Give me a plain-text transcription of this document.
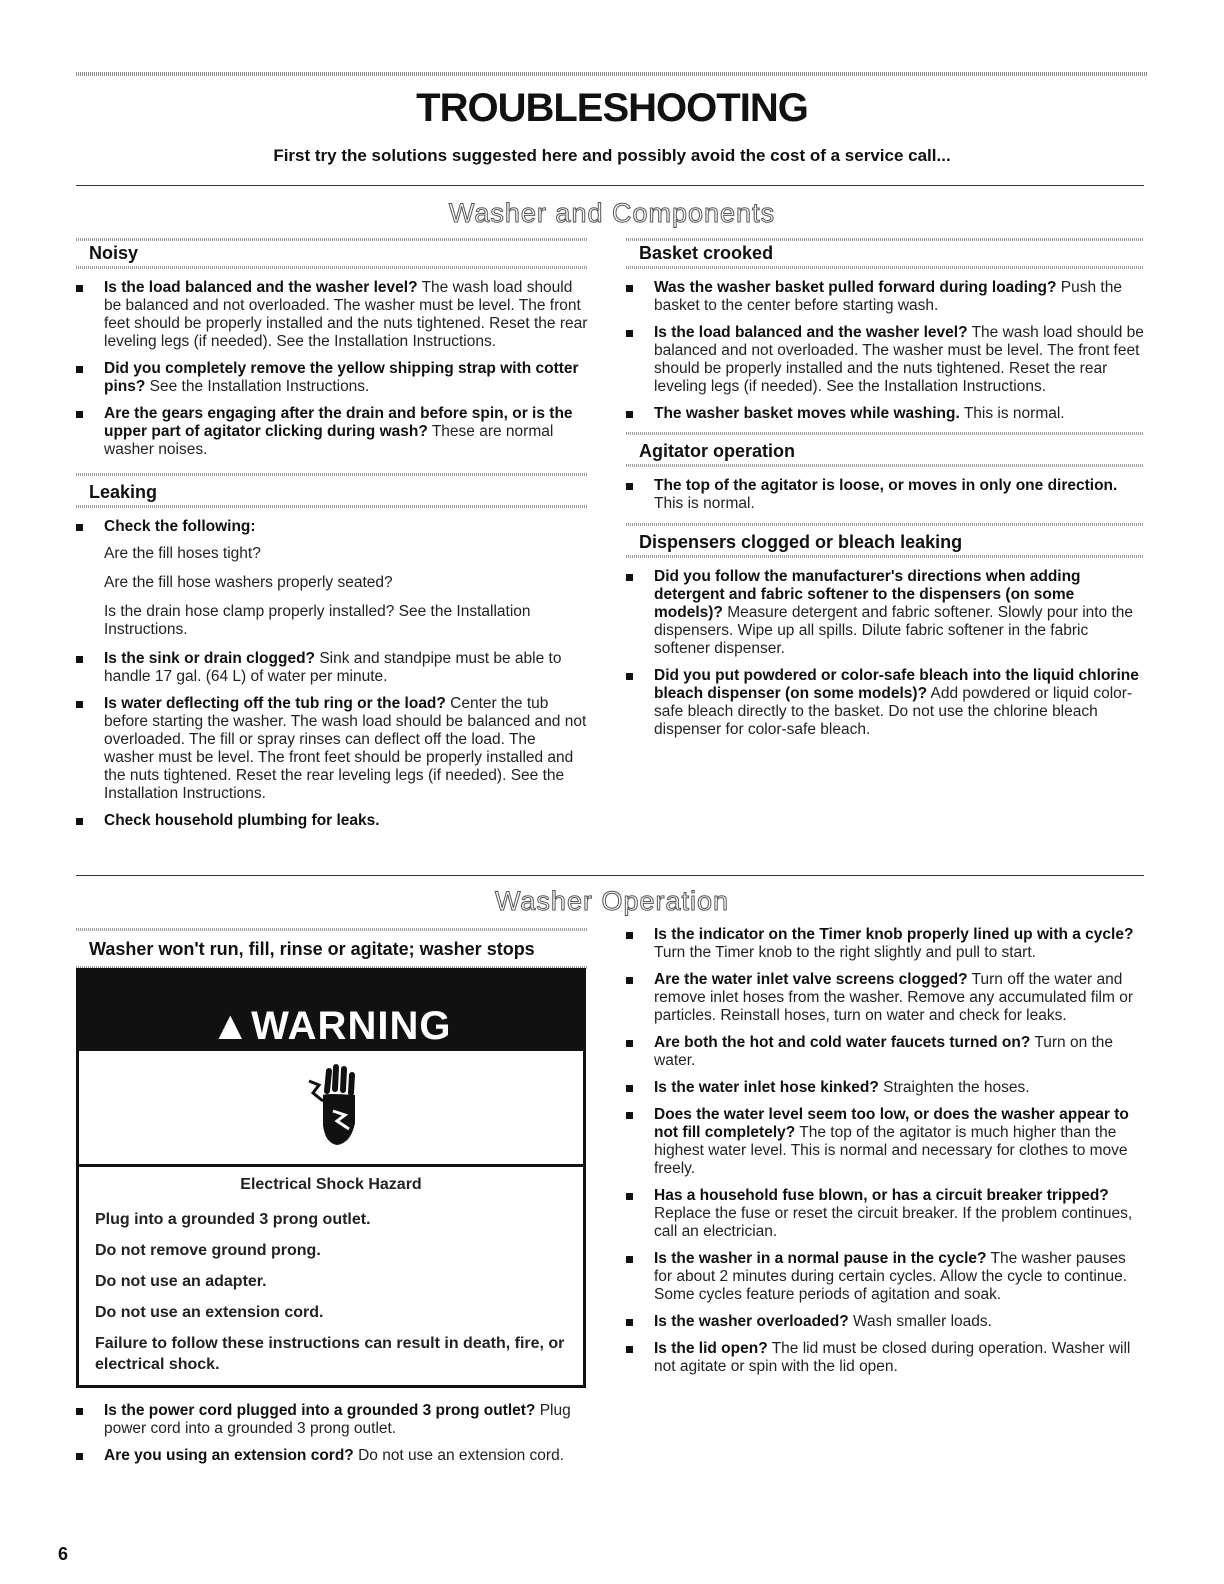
TROUBLESHOOTING
First try the solutions suggested here and possibly avoid the cost of a service call...
Washer and Components
Noisy
Is the load balanced and the washer level? The wash load should be balanced and not overloaded. The washer must be level. The front feet should be properly installed and the nuts tightened. Reset the rear leveling legs (if needed). See the Installation Instructions.
Did you completely remove the yellow shipping strap with cotter pins? See the Installation Instructions.
Are the gears engaging after the drain and before spin, or is the upper part of agitator clicking during wash? These are normal washer noises.
Leaking
Check the following:
Are the fill hoses tight?
Are the fill hose washers properly seated?
Is the drain hose clamp properly installed? See the Installation Instructions.
Is the sink or drain clogged? Sink and standpipe must be able to handle 17 gal. (64 L) of water per minute.
Is water deflecting off the tub ring or the load? Center the tub before starting the washer. The wash load should be balanced and not overloaded. The fill or spray rinses can deflect off the load. The washer must be level. The front feet should be properly installed and the nuts tightened. Reset the rear leveling legs (if needed). See the Installation Instructions.
Check household plumbing for leaks.
Basket crooked
Was the washer basket pulled forward during loading? Push the basket to the center before starting wash.
Is the load balanced and the washer level? The wash load should be balanced and not overloaded. The washer must be level. The front feet should be properly installed and the nuts tightened. Reset the rear leveling legs (if needed). See the Installation Instructions.
The washer basket moves while washing. This is normal.
Agitator operation
The top of the agitator is loose, or moves in only one direction. This is normal.
Dispensers clogged or bleach leaking
Did you follow the manufacturer's directions when adding detergent and fabric softener to the dispensers (on some models)? Measure detergent and fabric softener. Slowly pour into the dispensers. Wipe up all spills. Dilute fabric softener in the fabric softener dispenser.
Did you put powdered or color-safe bleach into the liquid chlorine bleach dispenser (on some models)? Add powdered or liquid color-safe bleach directly to the basket. Do not use the chlorine bleach dispenser for color-safe bleach.
Washer Operation
Washer won't run, fill, rinse or agitate; washer stops
▲WARNING
Electrical Shock Hazard
Plug into a grounded 3 prong outlet.
Do not remove ground prong.
Do not use an adapter.
Do not use an extension cord.
Failure to follow these instructions can result in death, fire, or electrical shock.
Is the power cord plugged into a grounded 3 prong outlet? Plug power cord into a grounded 3 prong outlet.
Are you using an extension cord? Do not use an extension cord.
Is the indicator on the Timer knob properly lined up with a cycle? Turn the Timer knob to the right slightly and pull to start.
Are the water inlet valve screens clogged? Turn off the water and remove inlet hoses from the washer. Remove any accumulated film or particles. Reinstall hoses, turn on water and check for leaks.
Are both the hot and cold water faucets turned on? Turn on the water.
Is the water inlet hose kinked? Straighten the hoses.
Does the water level seem too low, or does the washer appear to not fill completely? The top of the agitator is much higher than the highest water level. This is normal and necessary for clothes to move freely.
Has a household fuse blown, or has a circuit breaker tripped? Replace the fuse or reset the circuit breaker. If the problem continues, call an electrician.
Is the washer in a normal pause in the cycle? The washer pauses for about 2 minutes during certain cycles. Allow the cycle to continue. Some cycles feature periods of agitation and soak.
Is the washer overloaded? Wash smaller loads.
Is the lid open? The lid must be closed during operation. Washer will not agitate or spin with the lid open.
6
